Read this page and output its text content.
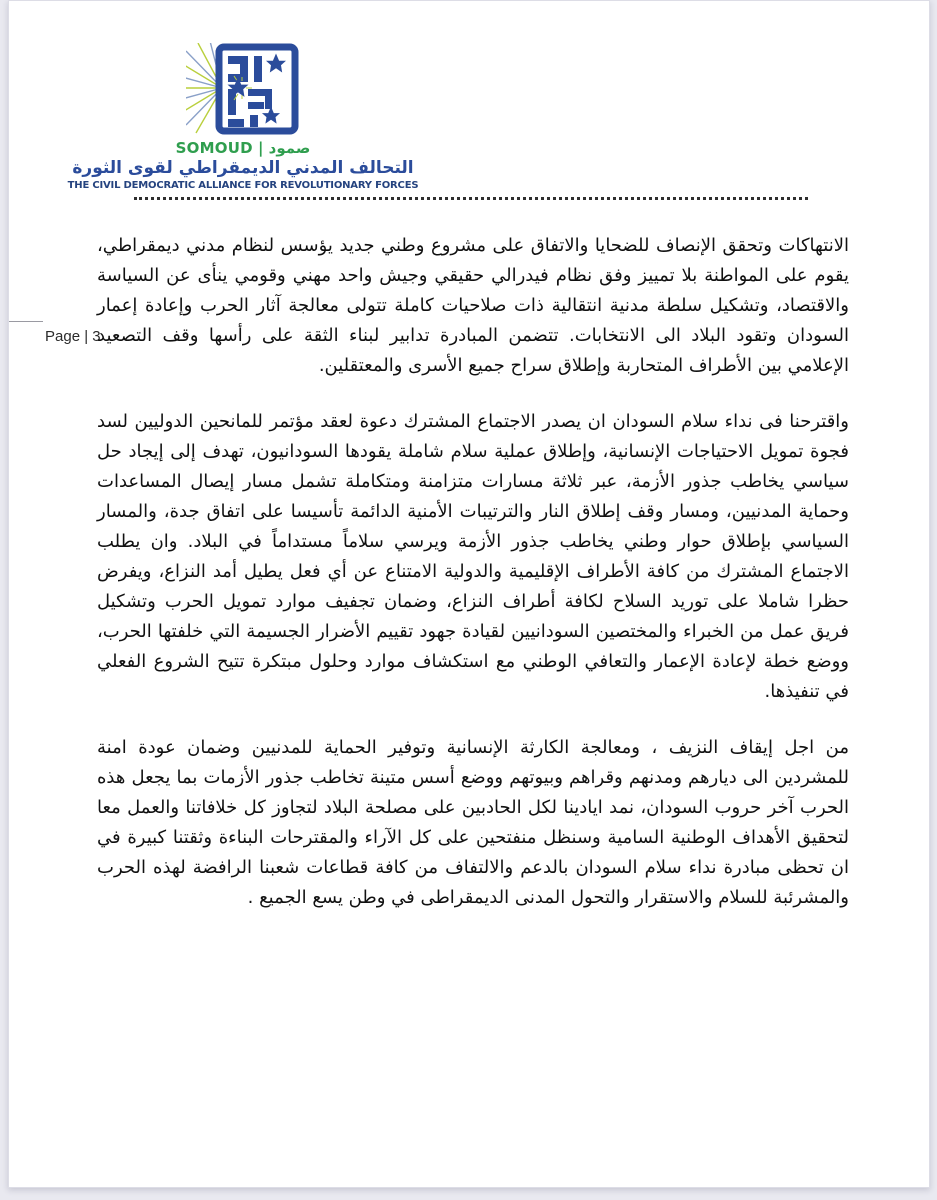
صمود | SOMOUD
التحالف المدني الديمقراطي لقوى الثورة
THE CIVIL DEMOCRATIC ALLIANCE FOR REVOLUTIONARY FORCES
Page | 3

الانتهاكات وتحقق الإنصاف للضحايا والاتفاق على مشروع وطني جديد يؤسس لنظام مدني ديمقراطي، يقوم على المواطنة بلا تمييز وفق نظام فيدرالي حقيقي وجيش واحد مهني وقومي ينأى عن السياسة والاقتصاد، وتشكيل سلطة مدنية انتقالية ذات صلاحيات كاملة تتولى معالجة آثار الحرب وإعادة إعمار السودان وتقود البلاد الى الانتخابات. تتضمن المبادرة تدابير لبناء الثقة على رأسها وقف التصعيد الإعلامي بين الأطراف المتحاربة وإطلاق سراح جميع الأسرى والمعتقلين.

واقترحنا فى نداء سلام السودان ان يصدر الاجتماع المشترك دعوة لعقد مؤتمر للمانحين الدوليين لسد فجوة تمويل الاحتياجات الإنسانية، وإطلاق عملية سلام شاملة يقودها السودانيون، تهدف إلى إيجاد حل سياسي يخاطب جذور الأزمة، عبر ثلاثة مسارات متزامنة ومتكاملة تشمل مسار إيصال المساعدات وحماية المدنيين، ومسار وقف إطلاق النار والترتيبات الأمنية الدائمة تأسيسا على اتفاق جدة، والمسار السياسي بإطلاق حوار وطني يخاطب جذور الأزمة ويرسي سلاماً مستداماً في البلاد. وان يطلب الاجتماع المشترك من كافة الأطراف الإقليمية والدولية الامتناع عن أي فعل يطيل أمد النزاع، ويفرض حظرا شاملا على توريد السلاح لكافة أطراف النزاع، وضمان تجفيف موارد تمويل الحرب وتشكيل فريق عمل من الخبراء والمختصين السودانيين لقيادة جهود تقييم الأضرار الجسيمة التي خلفتها الحرب، ووضع خطة لإعادة الإعمار والتعافي الوطني مع استكشاف موارد وحلول مبتكرة تتيح الشروع الفعلي في تنفيذها.

من اجل إيقاف النزيف ، ومعالجة الكارثة الإنسانية وتوفير الحماية للمدنيين وضمان عودة امنة للمشردين الى ديارهم ومدنهم وقراهم وبيوتهم ووضع أسس متينة تخاطب جذور الأزمات بما يجعل هذه الحرب آخر حروب السودان، نمد ايادينا لكل الحادبين على مصلحة البلاد لتجاوز كل خلافاتنا والعمل معا لتحقيق الأهداف الوطنية السامية وسنظل منفتحين على كل الآراء والمقترحات البناءة وثقتنا كبيرة في ان تحظى مبادرة نداء سلام السودان بالدعم والالتفاف من كافة قطاعات شعبنا الرافضة لهذه الحرب والمشرئبة للسلام والاستقرار والتحول المدنى الديمقراطى في وطن يسع الجميع .
